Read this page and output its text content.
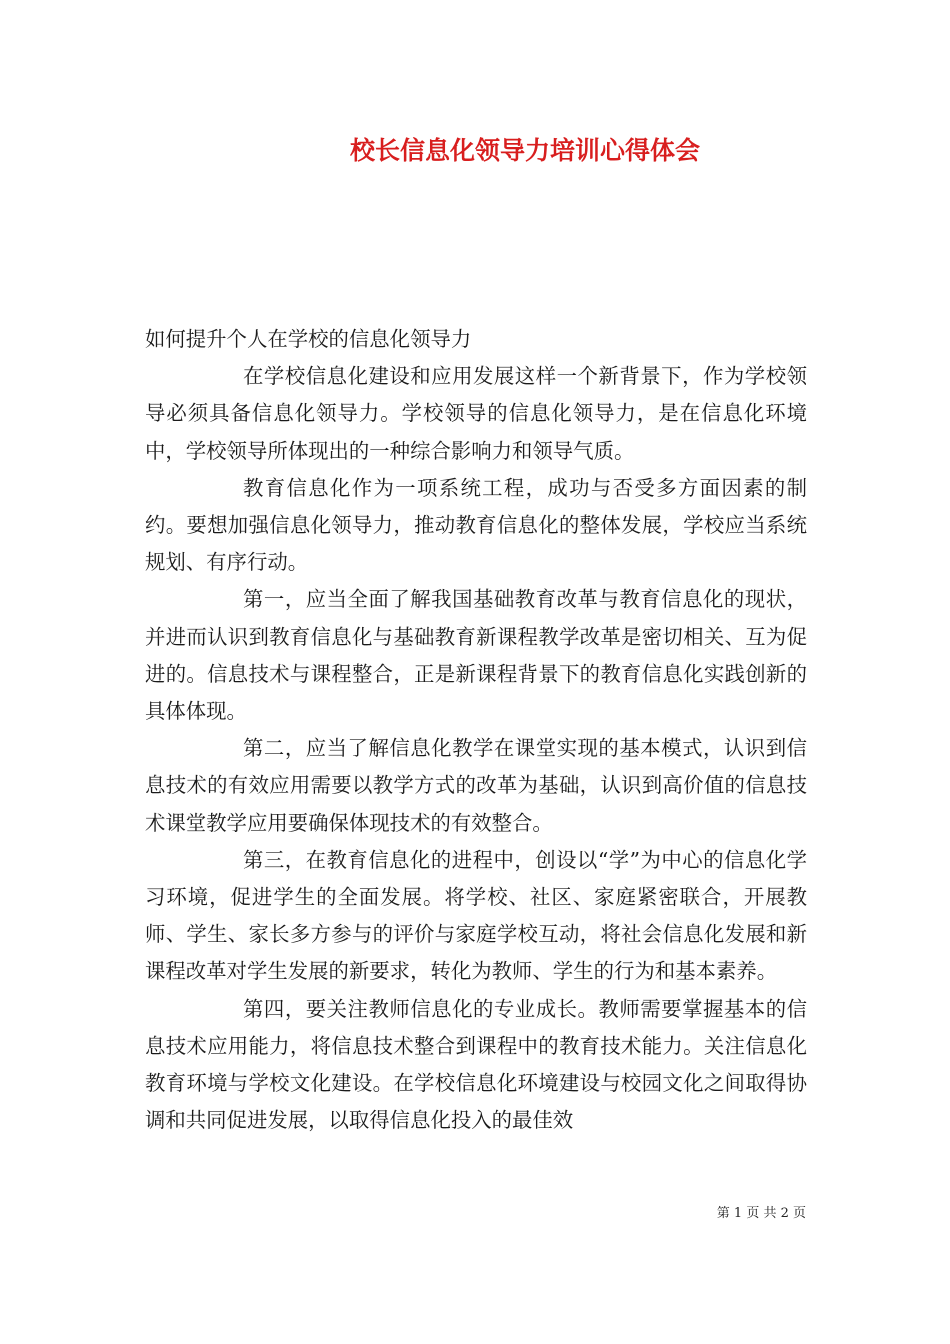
校长信息化领导力培训心得体会

如何提升个人在学校的信息化领导力

在学校信息化建设和应用发展这样一个新背景下，作为学校领导必须具备信息化领导力。学校领导的信息化领导力，是在信息化环境中，学校领导所体现出的一种综合影响力和领导气质。

教育信息化作为一项系统工程，成功与否受多方面因素的制约。要想加强信息化领导力，推动教育信息化的整体发展，学校应当系统规划、有序行动。

第一，应当全面了解我国基础教育改革与教育信息化的现状，并进而认识到教育信息化与基础教育新课程教学改革是密切相关、互为促进的。信息技术与课程整合，正是新课程背景下的教育信息化实践创新的具体体现。

第二，应当了解信息化教学在课堂实现的基本模式，认识到信息技术的有效应用需要以教学方式的改革为基础，认识到高价值的信息技术课堂教学应用要确保体现技术的有效整合。

第三，在教育信息化的进程中，创设以“学”为中心的信息化学习环境，促进学生的全面发展。将学校、社区、家庭紧密联合，开展教师、学生、家长多方参与的评价与家庭学校互动，将社会信息化发展和新课程改革对学生发展的新要求，转化为教师、学生的行为和基本素养。

第四，要关注教师信息化的专业成长。教师需要掌握基本的信息技术应用能力，将信息技术整合到课程中的教育技术能力。关注信息化教育环境与学校文化建设。在学校信息化环境建设与校园文化之间取得协调和共同促进发展，以取得信息化投入的最佳效

第 1 页 共 2 页
